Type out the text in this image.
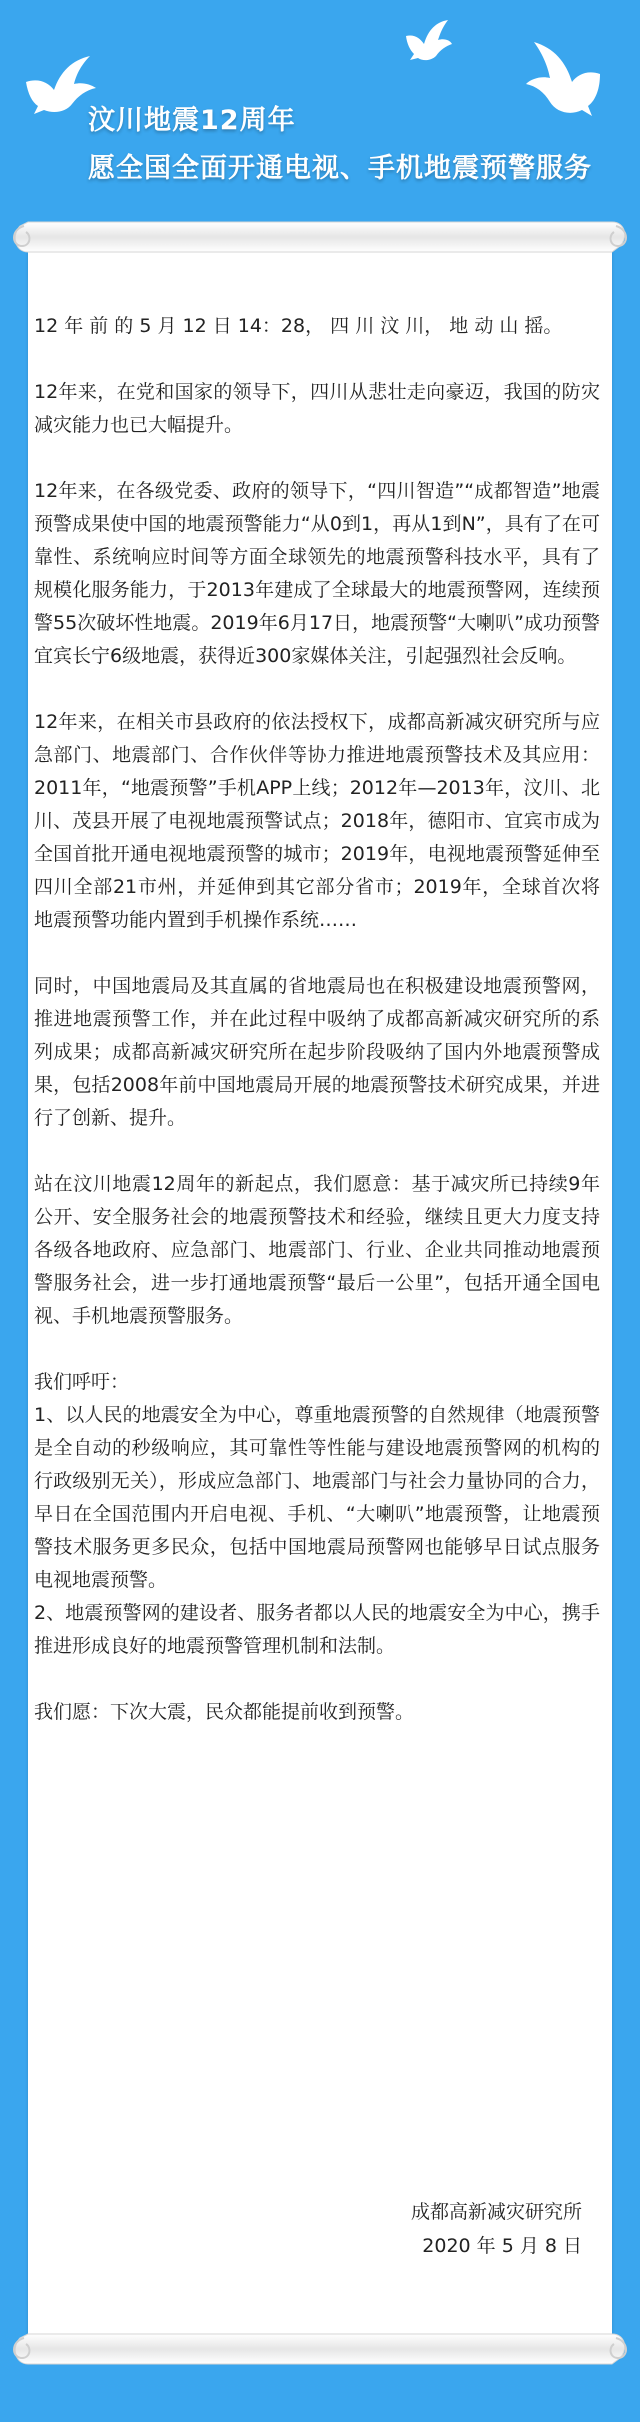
汶川地震12周年
愿全国全面开通电视、手机地震预警服务

12 年 前 的 5 月 12 日 14：28， 四 川 汶 川， 地 动 山 摇。

12年来，在党和国家的领导下，四川从悲壮走向豪迈，我国的防灾减灾能力也已大幅提升。

12年来，在各级党委、政府的领导下，“四川智造”“成都智造”地震预警成果使中国的地震预警能力“从0到1，再从1到N”，具有了在可靠性、系统响应时间等方面全球领先的地震预警科技水平，具有了规模化服务能力，于2013年建成了全球最大的地震预警网，连续预警55次破坏性地震。2019年6月17日，地震预警“大喇叭”成功预警宜宾长宁6级地震，获得近300家媒体关注，引起强烈社会反响。

12年来，在相关市县政府的依法授权下，成都高新减灾研究所与应急部门、地震部门、合作伙伴等协力推进地震预警技术及其应用：2011年，“地震预警”手机APP上线；2012年—2013年，汶川、北川、茂县开展了电视地震预警试点；2018年，德阳市、宜宾市成为全国首批开通电视地震预警的城市；2019年，电视地震预警延伸至四川全部21市州，并延伸到其它部分省市；2019年，全球首次将地震预警功能内置到手机操作系统……

同时，中国地震局及其直属的省地震局也在积极建设地震预警网，推进地震预警工作，并在此过程中吸纳了成都高新减灾研究所的系列成果；成都高新减灾研究所在起步阶段吸纳了国内外地震预警成果，包括2008年前中国地震局开展的地震预警技术研究成果，并进行了创新、提升。

站在汶川地震12周年的新起点，我们愿意：基于减灾所已持续9年公开、安全服务社会的地震预警技术和经验，继续且更大力度支持各级各地政府、应急部门、地震部门、行业、企业共同推动地震预警服务社会，进一步打通地震预警“最后一公里”，包括开通全国电视、手机地震预警服务。

我们呼吁：

1、以人民的地震安全为中心，尊重地震预警的自然规律（地震预警是全自动的秒级响应，其可靠性等性能与建设地震预警网的机构的行政级别无关），形成应急部门、地震部门与社会力量协同的合力，早日在全国范围内开启电视、手机、“大喇叭”地震预警，让地震预警技术服务更多民众，包括中国地震局预警网也能够早日试点服务电视地震预警。

2、地震预警网的建设者、服务者都以人民的地震安全为中心，携手推进形成良好的地震预警管理机制和法制。

我们愿：下次大震，民众都能提前收到预警。

成都高新减灾研究所
2020 年 5 月 8 日
